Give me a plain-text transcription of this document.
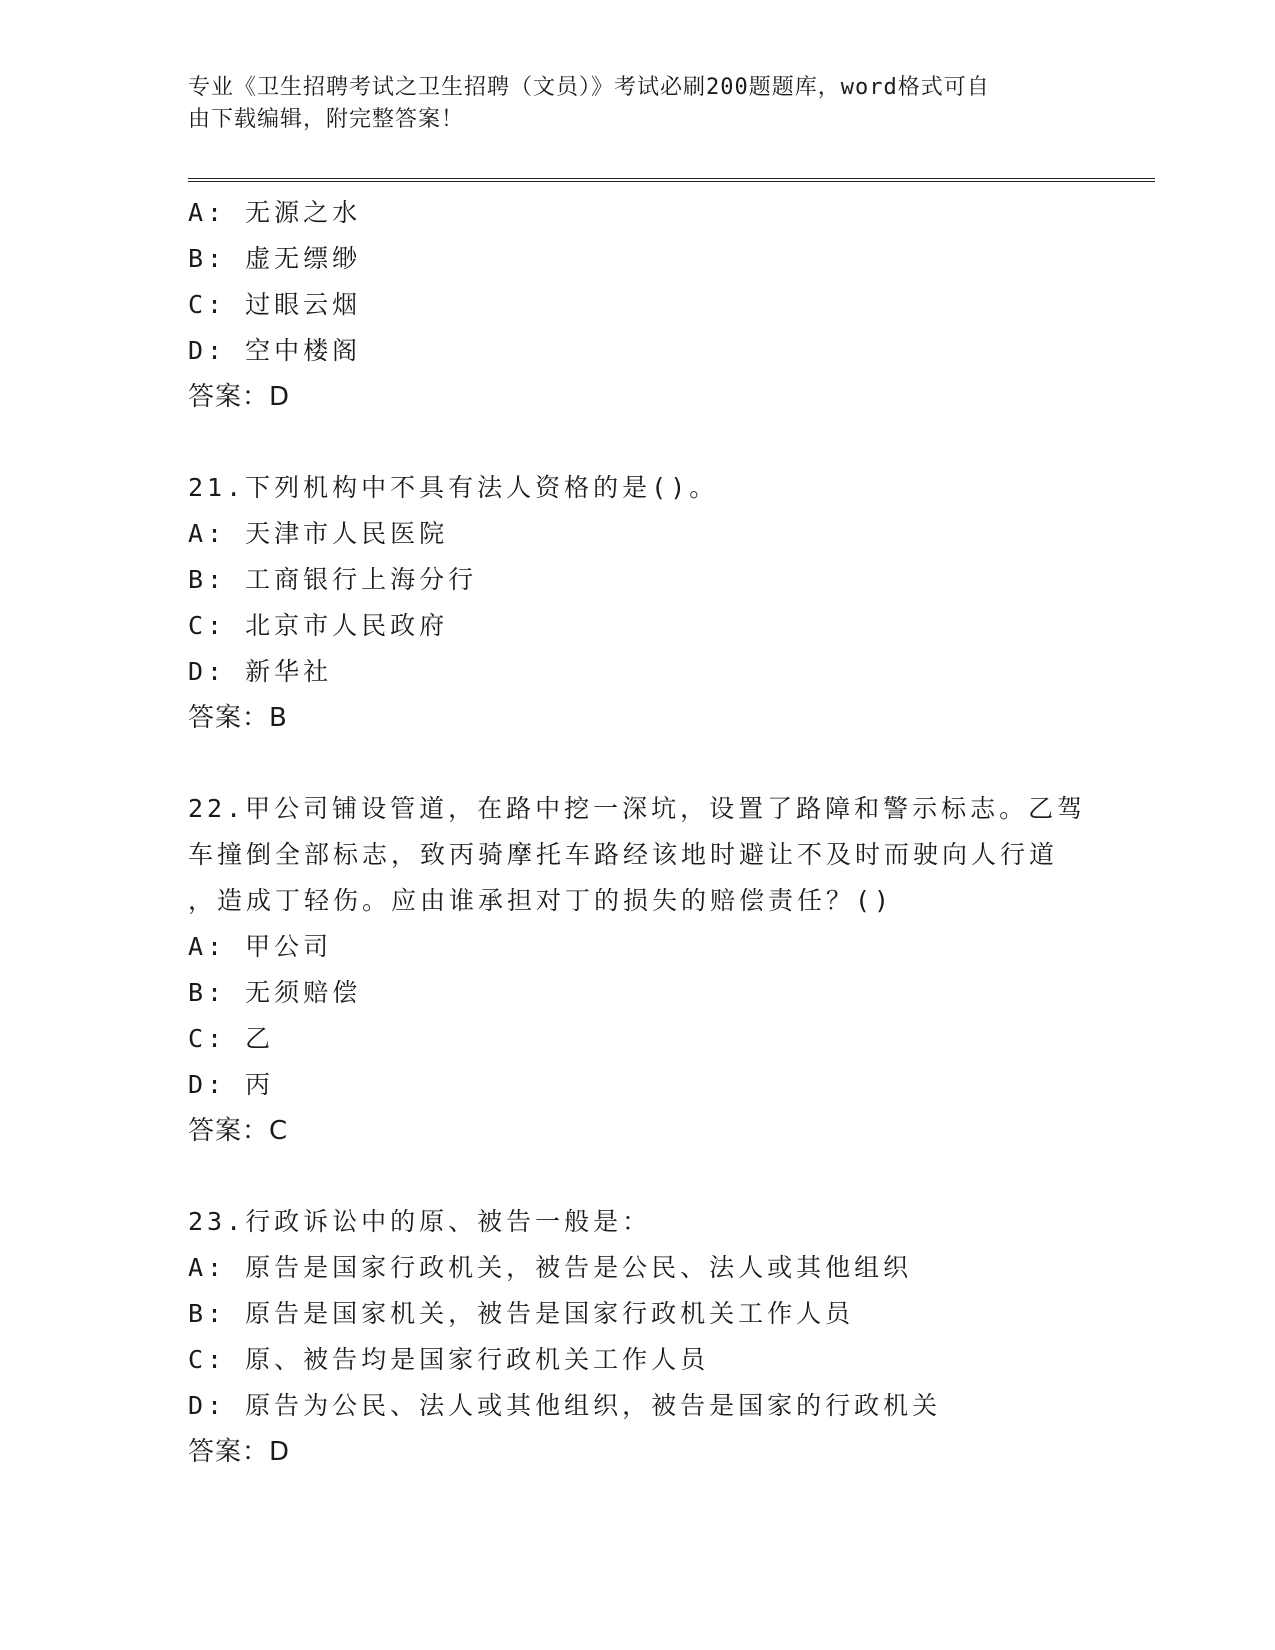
专业《卫生招聘考试之卫生招聘（文员）》考试必刷200题题库，word格式可自
由下载编辑，附完整答案！
A: 无源之水
B: 虚无缥缈
C: 过眼云烟
D: 空中楼阁
答案：D
21.下列机构中不具有法人资格的是()。
A: 天津市人民医院
B: 工商银行上海分行
C: 北京市人民政府
D: 新华社
答案：B
22.甲公司铺设管道，在路中挖一深坑，设置了路障和警示标志。乙驾
车撞倒全部标志，致丙骑摩托车路经该地时避让不及时而驶向人行道
，造成丁轻伤。应由谁承担对丁的损失的赔偿责任？()
A: 甲公司
B: 无须赔偿
C: 乙
D: 丙
答案：C
23.行政诉讼中的原、被告一般是：
A: 原告是国家行政机关，被告是公民、法人或其他组织
B: 原告是国家机关，被告是国家行政机关工作人员
C: 原、被告均是国家行政机关工作人员
D: 原告为公民、法人或其他组织，被告是国家的行政机关
答案：D
